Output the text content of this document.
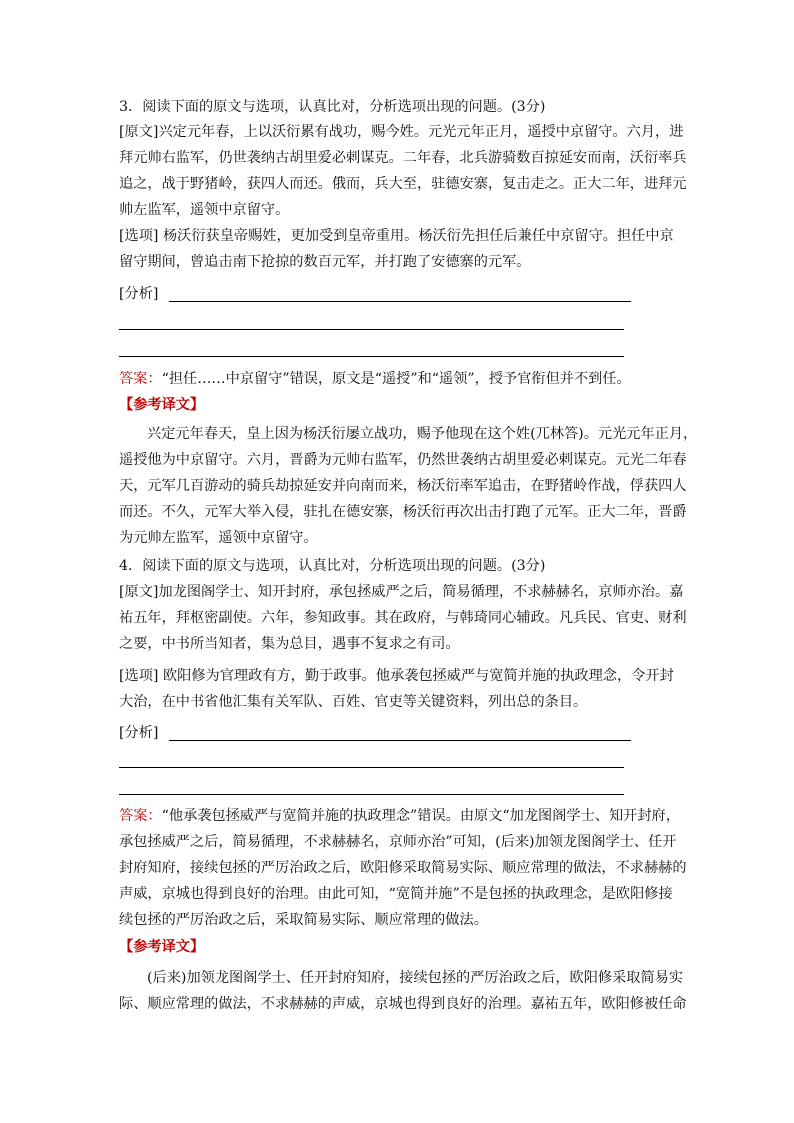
3．阅读下面的原文与选项，认真比对，分析选项出现的问题。(3分)
[原文]兴定元年春，上以沃衍累有战功，赐今姓。元光元年正月，遥授中京留守。六月，进
拜元帅右监军，仍世袭纳古胡里爱必剌谋克。二年春，北兵游骑数百掠延安而南，沃衍率兵
追之，战于野猪岭，获四人而还。俄而，兵大至，驻德安寨，复击走之。正大二年，进拜元
帅左监军，遥领中京留守。
[选项] 杨沃衍获皇帝赐姓，更加受到皇帝重用。杨沃衍先担任后兼任中京留守。担任中京
留守期间，曾追击南下抢掠的数百元军，并打跑了安德寨的元军。
[分析]
答案：“担任……中京留守”错误，原文是“遥授”和“遥领”，授予官衔但并不到任。
【参考译文】
兴定元年春天，皇上因为杨沃衍屡立战功，赐予他现在这个姓(兀林答)。元光元年正月，
遥授他为中京留守。六月，晋爵为元帅右监军，仍然世袭纳古胡里爱必剌谋克。元光二年春
天，元军几百游动的骑兵劫掠延安并向南而来，杨沃衍率军追击，在野猪岭作战，俘获四人
而还。不久，元军大举入侵，驻扎在德安寨，杨沃衍再次出击打跑了元军。正大二年，晋爵
为元帅左监军，遥领中京留守。
4．阅读下面的原文与选项，认真比对，分析选项出现的问题。(3分)
[原文]加龙图阁学士、知开封府，承包拯威严之后，简易循理，不求赫赫名，京师亦治。嘉
祐五年，拜枢密副使。六年，参知政事。其在政府，与韩琦同心辅政。凡兵民、官吏、财利
之要，中书所当知者，集为总目，遇事不复求之有司。
[选项] 欧阳修为官理政有方，勤于政事。他承袭包拯威严与宽简并施的执政理念，令开封
大治，在中书省他汇集有关军队、百姓、官吏等关键资料，列出总的条目。
[分析]
答案：“他承袭包拯威严与宽简并施的执政理念”错误。由原文“加龙图阁学士、知开封府，
承包拯威严之后，简易循理，不求赫赫名，京师亦治”可知，(后来)加领龙图阁学士、任开
封府知府，接续包拯的严厉治政之后，欧阳修采取简易实际、顺应常理的做法，不求赫赫的
声威，京城也得到良好的治理。由此可知，“宽简并施”不是包拯的执政理念，是欧阳修接
续包拯的严厉治政之后，采取简易实际、顺应常理的做法。
【参考译文】
(后来)加领龙图阁学士、任开封府知府，接续包拯的严厉治政之后，欧阳修采取简易实
际、顺应常理的做法，不求赫赫的声威，京城也得到良好的治理。嘉祐五年，欧阳修被任命
